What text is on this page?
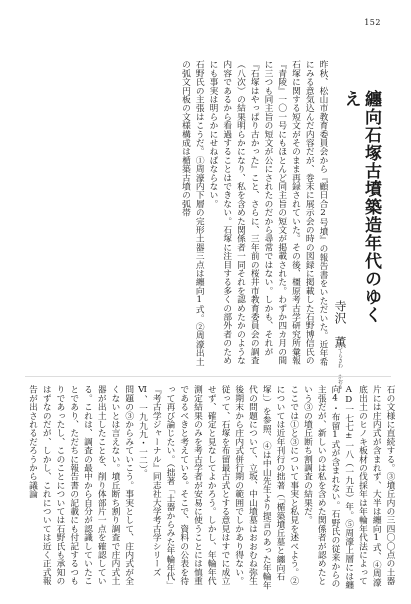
152
纏向石塚古墳築造年代のゆくえ
寺沢　薫てらさわ かおる
昨秋、松山市教育委員会から『顧日合2号墳』の報告書をいただいた。近年希にみる意気込んだ内容だが、巻末に展示会の時の図録に掲載した石野博信氏の石塚に関する短文がそのまま再録されていた。その後、橿原考古学研究所彙報『青陵』一〇一号にもほとんど同主旨の短文が掲載された。わずか四カ月の間に三つも同主旨の短文が公にされたのだから尋常ではない。しかも、それが『石塚はやっぱり古かった』こと、さらに、三年前の桜井市教育委員会の調査（八次）の結果明らかになり、私を含めた関係者一同それを認めたかのような内容であるから看過することはできない。石塚に注目する多くの部外者のためにも事実は明らかにせねばならない。
石野氏の主張はこうだ。①周濠内下層の完形土器三点は纏向1式。②周濠出土の弧文円板の文様構成は楯築古墳の弧帯
石の文様に直続する。③墳丘内の三四〇〇点の土器片には庄内式が含まれず、大半は纏向1式、④周濠底出土のヒノキ板材の伐採年は年輪年代法によってAD一七七±一八（一九五）年。⑤周濠上層には纏向4・布留1式が含まれない。石野氏の従来からの主張だが、新しいのは私を含めた関係者が認めたという③の墳丘断ち割調査の結果だ。
ここでは①と③について事実と私見を述べよう。②については近年刊行の拙著（「楯築墳丘墓と纏向石塚」）を参照、④は中山先生より提言のあった年輪年代の問題について、立坂、中山墳墓はおおむね弥生後期末から庄内式併行期の範囲でしかあり得ない。従って、石塚を布留最古式とする意見はすでに成立せず、確定と見なしてよかろう。しかし、年輪年代測定結果のみを考古学者が安易に使うことには慎重であるべきと考えている。そこで、資料の公表を待って再び論じたい。（拙著「土器からみた年輪年代」『考古学ジャーナル』同志社大学考古学シリーズⅥ、一九九九・一二）。
問題の③からみていこう。事実として、庄内式が全くないとは言えない。墳丘断ち割り調査で庄内式土器が出土したことを、削り体部片一点を確認している。これは、調査の最中から自分が認識していたことであり、ただちに報告書の記載にも付記するつもりであったし、このことについては石野氏も承知のはずなのだが、しかし、これについては近く正式報告が出されるだろうから議論
